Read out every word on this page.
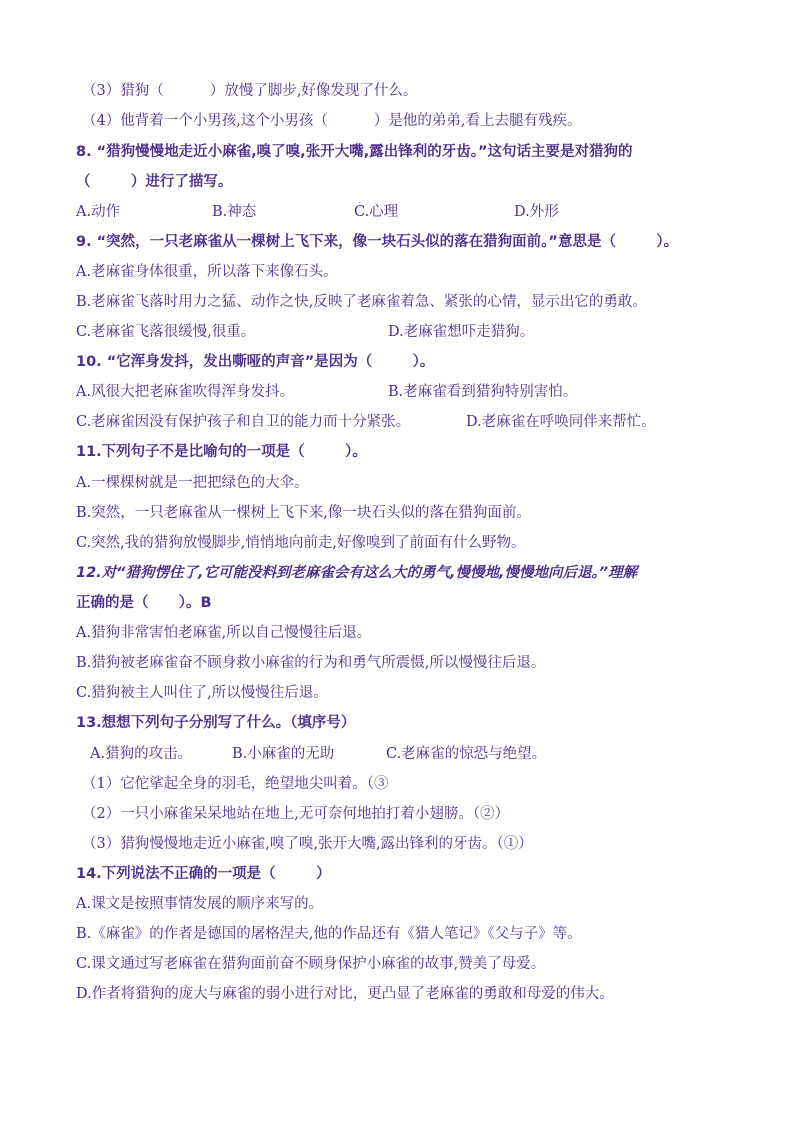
（3）猎狗（          ）放慢了脚步,好像发现了什么。
（4）他背着一个小男孩,这个小男孩（          ）是他的弟弟,看上去腿有残疾。
8. “猎狗慢慢地走近小麻雀,嗅了嗅,张开大嘴,露出锋利的牙齿。”这句话主要是对猎狗的
（        ）进行了描写。
A.动作	B.神态	C.心理	D.外形
9. “突然，一只老麻雀从一棵树上飞下来，像一块石头似的落在猎狗面前。”意思是（        ）。
A.老麻雀身体很重，所以落下来像石头。
B.老麻雀飞落时用力之猛、动作之快,反映了老麻雀着急、紧张的心情，显示出它的勇敢。
C.老麻雀飞落很缓慢,很重。	D.老麻雀想吓走猎狗。
10. “它浑身发抖，发出嘶哑的声音”是因为（        ）。
A.风很大把老麻雀吹得浑身发抖。	B.老麻雀看到猎狗特别害怕。
C.老麻雀因没有保护孩子和自卫的能力而十分紧张。	D.老麻雀在呼唤同伴来帮忙。
11.下列句子不是比喻句的一项是（        ）。
A.一棵棵树就是一把把绿色的大伞。
B.突然，一只老麻雀从一棵树上飞下来,像一块石头似的落在猎狗面前。
C.突然,我的猎狗放慢脚步,悄悄地向前走,好像嗅到了前面有什么野物。
12.对“猎狗愣住了,它可能没料到老麻雀会有这么大的勇气,慢慢地,慢慢地向后退。”理解
正确的是（      ）。B
A.猎狗非常害怕老麻雀,所以自己慢慢往后退。
B.猎狗被老麻雀奋不顾身救小麻雀的行为和勇气所震慑,所以慢慢往后退。
C.猎狗被主人叫住了,所以慢慢往后退。
13.想想下列句子分别写了什么。（填序号）
A.猎狗的攻击。	B.小麻雀的无助	C.老麻雀的惊恐与绝望。
（1）它佗挲起全身的羽毛，绝望地尖叫着。（③
（2）一只小麻雀呆呆地站在地上,无可奈何地拍打着小翅膀。（②）
（3）猎狗慢慢地走近小麻雀,嗅了嗅,张开大嘴,露出锋利的牙齿。（①）
14.下列说法不正确的一项是（        ）
A.课文是按照事情发展的顺序来写的。
B.《麻雀》的作者是德国的屠格涅夫,他的作品还有《猎人笔记》《父与子》等。
C.课文通过写老麻雀在猎狗面前奋不顾身保护小麻雀的故事,赞美了母爱。
D.作者将猎狗的庞大与麻雀的弱小进行对比，更凸显了老麻雀的勇敢和母爱的伟大。
